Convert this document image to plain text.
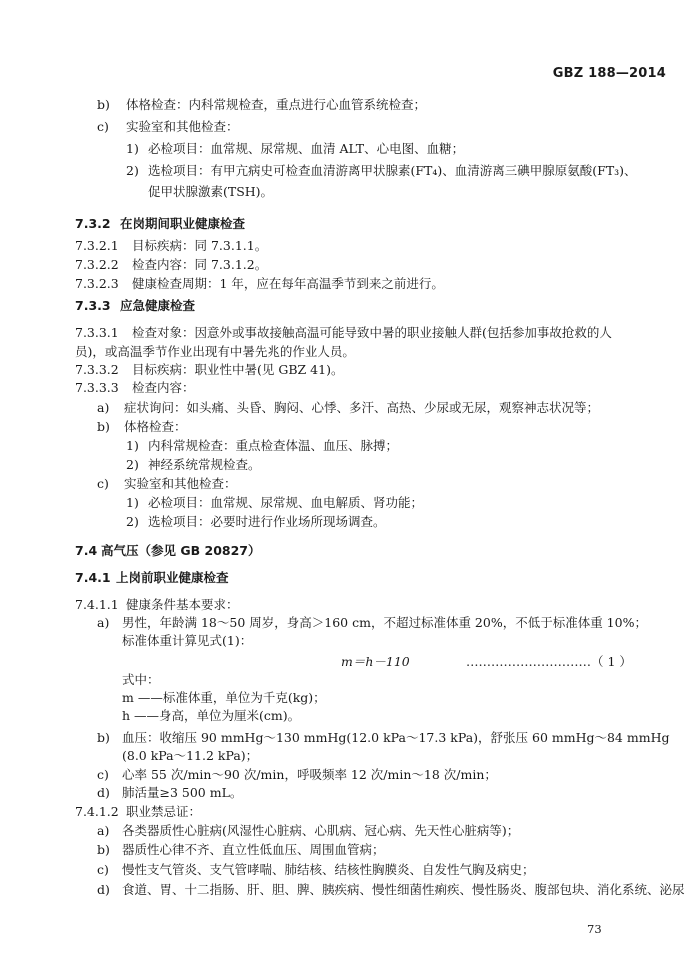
GBZ 188—2014
b) 体格检查：内科常规检查，重点进行心血管系统检查；
c) 实验室和其他检查：
1) 必检项目：血常规、尿常规、血清 ALT、心电图、血糖；
2) 选检项目：有甲亢病史可检查血清游离甲状腺素(FT₄)、血清游离三碘甲腺原氨酸(FT₃)、
促甲状腺激素(TSH)。
7.3.2 在岗期间职业健康检查
7.3.2.1 目标疾病：同 7.3.1.1。
7.3.2.2 检查内容：同 7.3.1.2。
7.3.2.3 健康检查周期：1 年，应在每年高温季节到来之前进行。
7.3.3 应急健康检查
7.3.3.1 检查对象：因意外或事故接触高温可能导致中暑的职业接触人群(包括参加事故抢救的人
员)，或高温季节作业出现有中暑先兆的作业人员。
7.3.3.2 目标疾病：职业性中暑(见 GBZ 41)。
7.3.3.3 检查内容：
a) 症状询问：如头痛、头昏、胸闷、心悸、多汗、高热、少尿或无尿，观察神志状况等；
b) 体格检查：
1) 内科常规检查：重点检查体温、血压、脉搏；
2) 神经系统常规检查。
c) 实验室和其他检查：
1) 必检项目：血常规、尿常规、血电解质、肾功能；
2) 选检项目：必要时进行作业场所现场调查。
7.4 高气压（参见 GB 20827）
7.4.1 上岗前职业健康检查
7.4.1.1 健康条件基本要求：
a) 男性，年龄满 18～50 周岁，身高＞160 cm，不超过标准体重 20%，不低于标准体重 10%；
标准体重计算见式(1)：
m＝h－110	…………………………（ 1 ）
式中：
m ——标准体重，单位为千克(kg)；
h ——身高，单位为厘米(cm)。
b) 血压：收缩压 90 mmHg～130 mmHg(12.0 kPa～17.3 kPa)，舒张压 60 mmHg～84 mmHg
(8.0 kPa～11.2 kPa)；
c) 心率 55 次/min～90 次/min，呼吸频率 12 次/min～18 次/min；
d) 肺活量≥3 500 mL。
7.4.1.2 职业禁忌证：
a) 各类器质性心脏病(风湿性心脏病、心肌病、冠心病、先天性心脏病等)；
b) 器质性心律不齐、直立性低血压、周围血管病；
c) 慢性支气管炎、支气管哮喘、肺结核、结核性胸膜炎、自发性气胸及病史；
d) 食道、胃、十二指肠、肝、胆、脾、胰疾病、慢性细菌性痢疾、慢性肠炎、腹部包块、消化系统、泌尿
73
